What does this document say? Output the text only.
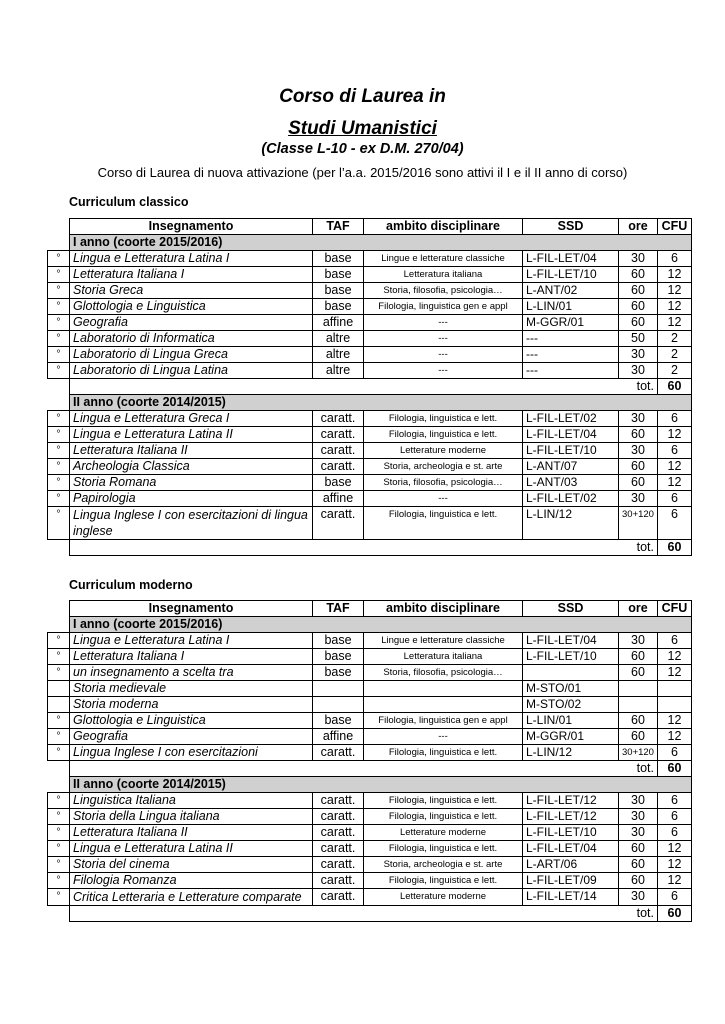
Corso di Laurea in
Studi Umanistici
(Classe L-10 - ex D.M. 270/04)
Corso di Laurea di nuova attivazione (per l’a.a. 2015/2016 sono attivi il I e il II anno di corso)
Curriculum classico
	Insegnamento	TAF	ambito disciplinare	SSD	ore	CFU
	I anno (coorte 2015/2016)					
°	Lingua e Letteratura Latina I	base	Lingue e letterature classiche	L-FIL-LET/04	30	6
°	Letteratura Italiana I	base	Letteratura italiana	L-FIL-LET/10	60	12
°	Storia Greca	base	Storia, filosofia, psicologia…	L-ANT/02	60	12
°	Glottologia e Linguistica	base	Filologia, linguistica gen e appl	L-LIN/01	60	12
°	Geografia	affine	---	M-GGR/01	60	12
°	Laboratorio di Informatica	altre	---	---	50	2
°	Laboratorio di Lingua Greca	altre	---	---	30	2
°	Laboratorio di Lingua Latina	altre	---	---	30	2
	tot.					60
	II anno (coorte 2014/2015)					
°	Lingua e Letteratura Greca I	caratt.	Filologia, linguistica e lett.	L-FIL-LET/02	30	6
°	Lingua e Letteratura Latina II	caratt.	Filologia, linguistica e lett.	L-FIL-LET/04	60	12
°	Letteratura Italiana II	caratt.	Letterature moderne	L-FIL-LET/10	30	6
°	Archeologia Classica	caratt.	Storia, archeologia e st. arte	L-ANT/07	60	12
°	Storia Romana	base	Storia, filosofia, psicologia…	L-ANT/03	60	12
°	Papirologia	affine	---	L-FIL-LET/02	30	6
°	Lingua Inglese I con esercitazioni di lingua inglese	caratt.	Filologia, linguistica e lett.	L-LIN/12	30+120	6
	tot.					60
Curriculum moderno
	Insegnamento	TAF	ambito disciplinare	SSD	ore	CFU
	I anno (coorte 2015/2016)					
°	Lingua e Letteratura Latina I	base	Lingue e letterature classiche	L-FIL-LET/04	30	6
°	Letteratura Italiana I	base	Letteratura italiana	L-FIL-LET/10	60	12
°	un insegnamento a scelta tra	base	Storia, filosofia, psicologia…		60	12
	Storia medievale			M-STO/01		
	Storia moderna			M-STO/02		
°	Glottologia e Linguistica	base	Filologia, linguistica gen e appl	L-LIN/01	60	12
°	Geografia	affine	---	M-GGR/01	60	12
°	Lingua Inglese I con esercitazioni	caratt.	Filologia, linguistica e lett.	L-LIN/12	30+120	6
	tot.					60
	II anno (coorte 2014/2015)					
°	Linguistica Italiana	caratt.	Filologia, linguistica e lett.	L-FIL-LET/12	30	6
°	Storia della Lingua italiana	caratt.	Filologia, linguistica e lett.	L-FIL-LET/12	30	6
°	Letteratura Italiana II	caratt.	Letterature moderne	L-FIL-LET/10	30	6
°	Lingua e Letteratura Latina II	caratt.	Filologia, linguistica e lett.	L-FIL-LET/04	60	12
°	Storia del cinema	caratt.	Storia, archeologia e st. arte	L-ART/06	60	12
°	Filologia Romanza	caratt.	Filologia, linguistica e lett.	L-FIL-LET/09	60	12
°	Critica Letteraria e Letterature comparate	caratt.	Letterature moderne	L-FIL-LET/14	30	6
	tot.					60
